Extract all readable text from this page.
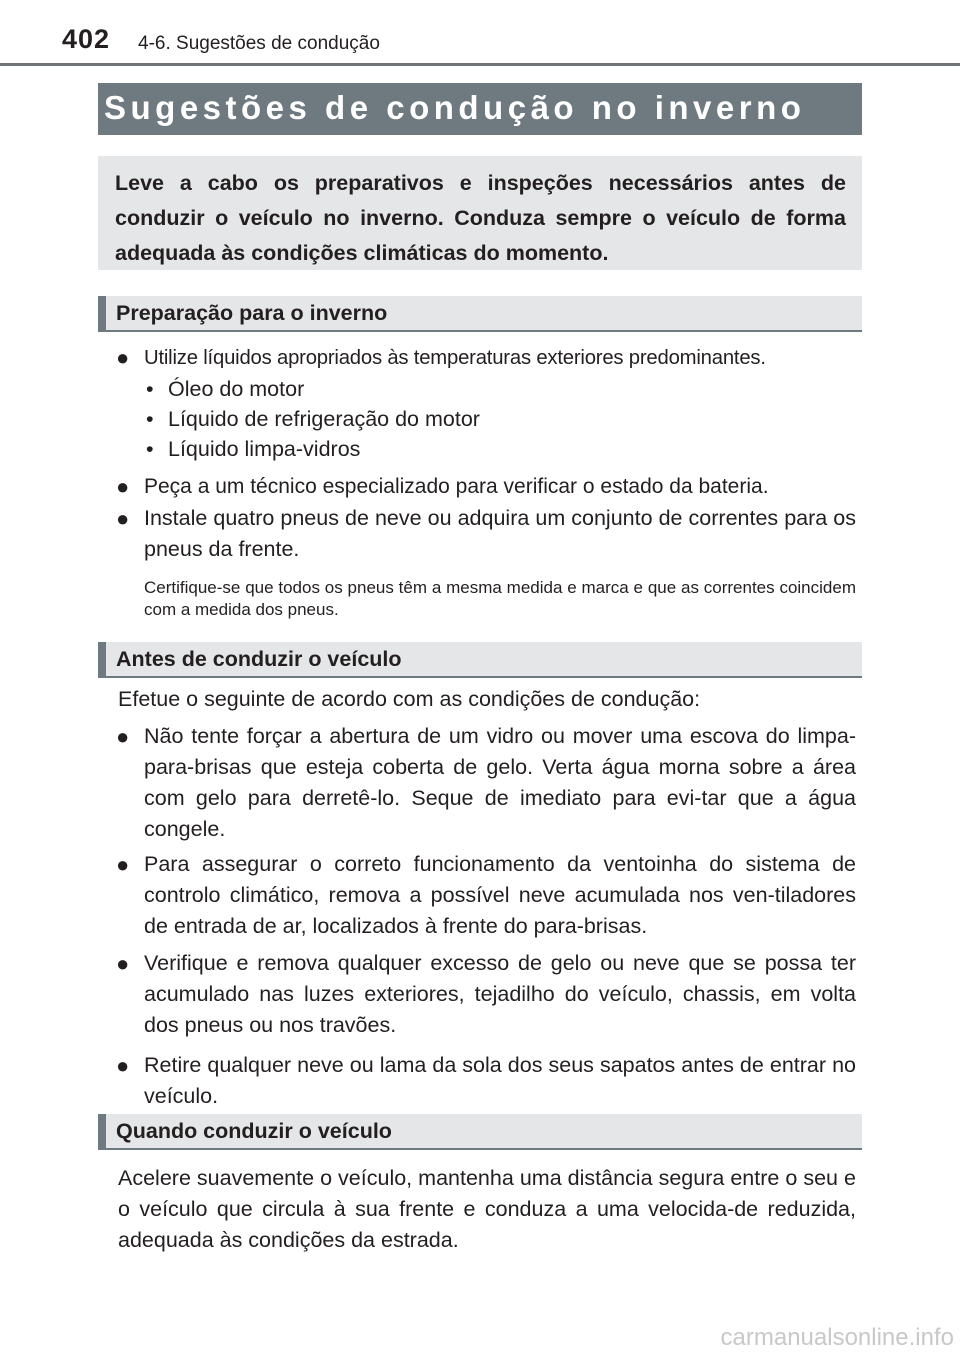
402 4-6. Sugestões de condução
Sugestões de condução no inverno

Leve a cabo os preparativos e inspeções necessários antes de conduzir o veículo no inverno. Conduza sempre o veículo de forma adequada às condições climáticas do momento.

Preparação para o inverno
● Utilize líquidos apropriados às temperaturas exteriores predominantes.
• Óleo do motor
• Líquido de refrigeração do motor
• Líquido limpa-vidros
● Peça a um técnico especializado para verificar o estado da bateria.
● Instale quatro pneus de neve ou adquira um conjunto de correntes para os pneus da frente.
Certifique-se que todos os pneus têm a mesma medida e marca e que as correntes coincidem com a medida dos pneus.
Antes de conduzir o veículo
Efetue o seguinte de acordo com as condições de condução:
● Não tente forçar a abertura de um vidro ou mover uma escova do limpa-para-brisas que esteja coberta de gelo. Verta água morna sobre a área com gelo para derretê-lo. Seque de imediato para evi-tar que a água congele.
● Para assegurar o correto funcionamento da ventoinha do sistema de controlo climático, remova a possível neve acumulada nos ven-tiladores de entrada de ar, localizados à frente do para-brisas.
● Verifique e remova qualquer excesso de gelo ou neve que se possa ter acumulado nas luzes exteriores, tejadilho do veículo, chassis, em volta dos pneus ou nos travões.
● Retire qualquer neve ou lama da sola dos seus sapatos antes de entrar no veículo.
Quando conduzir o veículo
Acelere suavemente o veículo, mantenha uma distância segura entre o seu e o veículo que circula à sua frente e conduza a uma velocida-de reduzida, adequada às condições da estrada.
carmanualsonline.info
